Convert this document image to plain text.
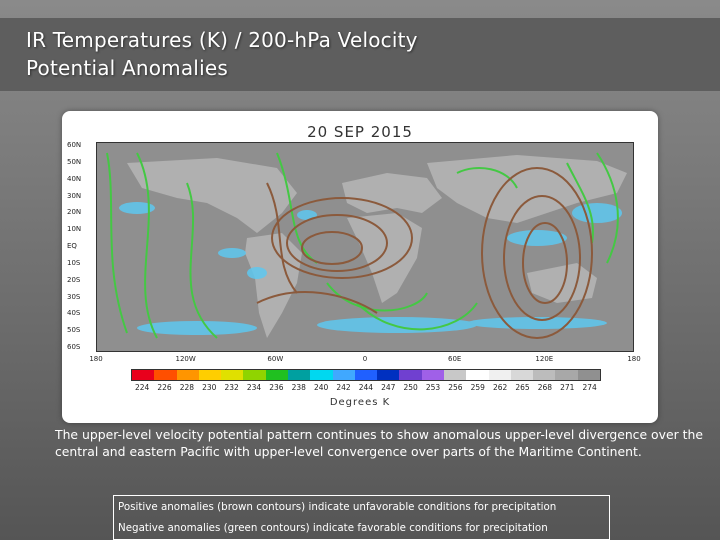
IR Temperatures (K) / 200-hPa Velocity
Potential Anomalies
20 SEP 2015
60N
50N
40N
30N
20N
10N
EQ
10S
20S
30S
40S
50S
60S
180	120W	60W	0	60E	120E	180
224	226	228	230	232	234	236	238	240	242	244	247	250	253	256	259	262	265	268	271	274
Degrees K
The upper-level velocity potential pattern continues to show anomalous upper-level divergence over the central and eastern Pacific with upper-level convergence over parts of the Maritime Continent.
Positive anomalies (brown contours) indicate unfavorable conditions for precipitation
Negative anomalies (green contours) indicate favorable conditions for precipitation
